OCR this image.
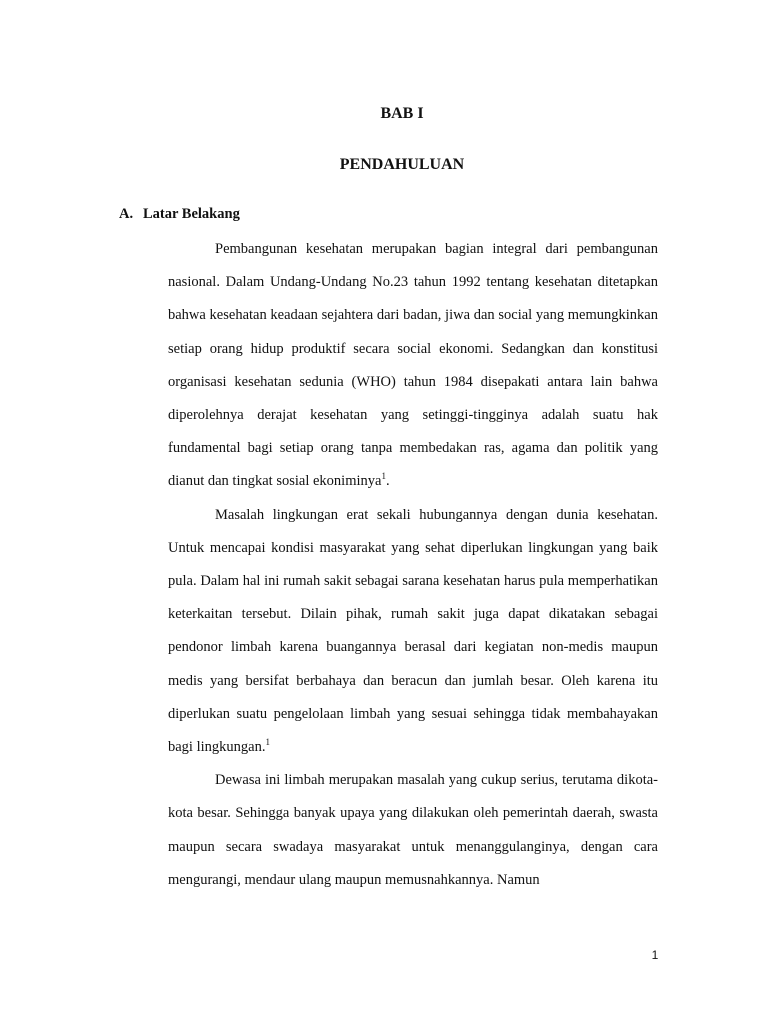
BAB I
PENDAHULUAN
A. Latar Belakang

Pembangunan kesehatan merupakan bagian integral dari pembangunan nasional. Dalam Undang-Undang No.23 tahun 1992 tentang kesehatan ditetapkan bahwa kesehatan keadaan sejahtera dari badan, jiwa dan social yang memungkinkan setiap orang hidup produktif secara social ekonomi. Sedangkan dan konstitusi organisasi kesehatan sedunia (WHO) tahun 1984 disepakati antara lain bahwa diperolehnya derajat kesehatan yang setinggi-tingginya adalah suatu hak fundamental bagi setiap orang tanpa membedakan ras, agama dan politik yang dianut dan tingkat sosial ekoniminya$^1$.

Masalah lingkungan erat sekali hubungannya dengan dunia kesehatan. Untuk mencapai kondisi masyarakat yang sehat diperlukan lingkungan yang baik pula. Dalam hal ini rumah sakit sebagai sarana kesehatan harus pula memperhatikan keterkaitan tersebut. Dilain pihak, rumah sakit juga dapat dikatakan sebagai pendonor limbah karena buangannya berasal dari kegiatan non-medis maupun medis yang bersifat berbahaya dan beracun dan jumlah besar. Oleh karena itu diperlukan suatu pengelolaan limbah yang sesuai sehingga tidak membahayakan bagi lingkungan.$^1$

Dewasa ini limbah merupakan masalah yang cukup serius, terutama dikota-kota besar. Sehingga banyak upaya yang dilakukan oleh pemerintah daerah, swasta maupun secara swadaya masyarakat untuk menanggulanginya, dengan cara mengurangi, mendaur ulang maupun memusnahkannya. Namun

1
